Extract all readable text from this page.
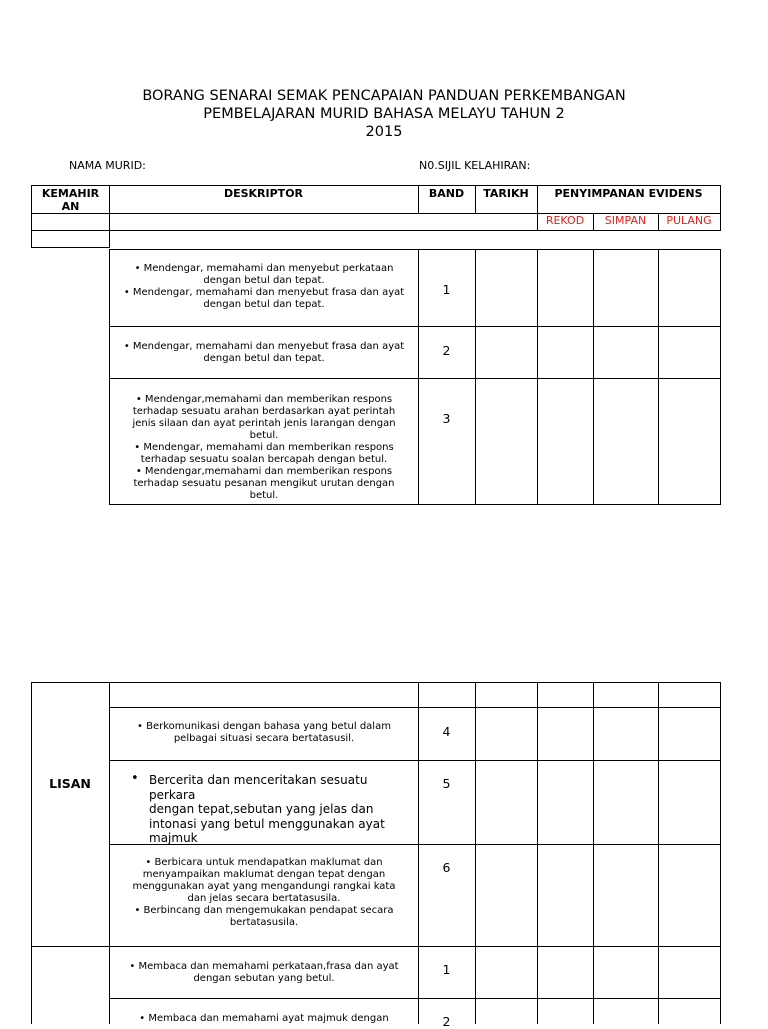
BORANG SENARAI SEMAK PENCAPAIAN PANDUAN PERKEMBANGAN
PEMBELAJARAN MURID BAHASA MELAYU TAHUN 2
2015
NAMA MURID:	N0.SIJIL KELAHIRAN:
KEMAHIR
AN
DESKRIPTOR	BAND	TARIKH	PENYIMPANAN EVIDENS
REKOD	SIMPAN	PULANG
• Mendengar, memahami dan menyebut perkataan
dengan betul dan tepat.
• Mendengar, memahami dan menyebut frasa dan ayat
dengan betul dan tepat.
1
• Mendengar, memahami dan menyebut frasa dan ayat
dengan betul dan tepat.
2
• Mendengar,memahami dan memberikan respons
terhadap sesuatu arahan berdasarkan ayat perintah
jenis silaan dan ayat perintah jenis larangan dengan
betul.
• Mendengar, memahami dan memberikan respons
terhadap sesuatu soalan bercapah dengan betul.
• Mendengar,memahami dan memberikan respons
terhadap sesuatu pesanan mengikut urutan dengan
betul.
3
LISAN
• Berkomunikasi dengan bahasa yang betul dalam
pelbagai situasi secara bertatasusil.	4
• Bercerita dan menceritakan sesuatu perkara
dengan tepat,sebutan yang jelas dan
intonasi yang betul menggunakan ayat
majmuk
5
• Berbicara untuk mendapatkan maklumat dan
menyampaikan maklumat dengan tepat dengan
menggunakan ayat yang mengandungi rangkai kata
dan jelas secara bertatasusila.
• Berbincang dan mengemukakan pendapat secara
bertatasusila.
6
• Membaca dan memahami perkataan,frasa dan ayat
dengan sebutan yang betul.
1
• Membaca dan memahami ayat majmuk dengan	2
